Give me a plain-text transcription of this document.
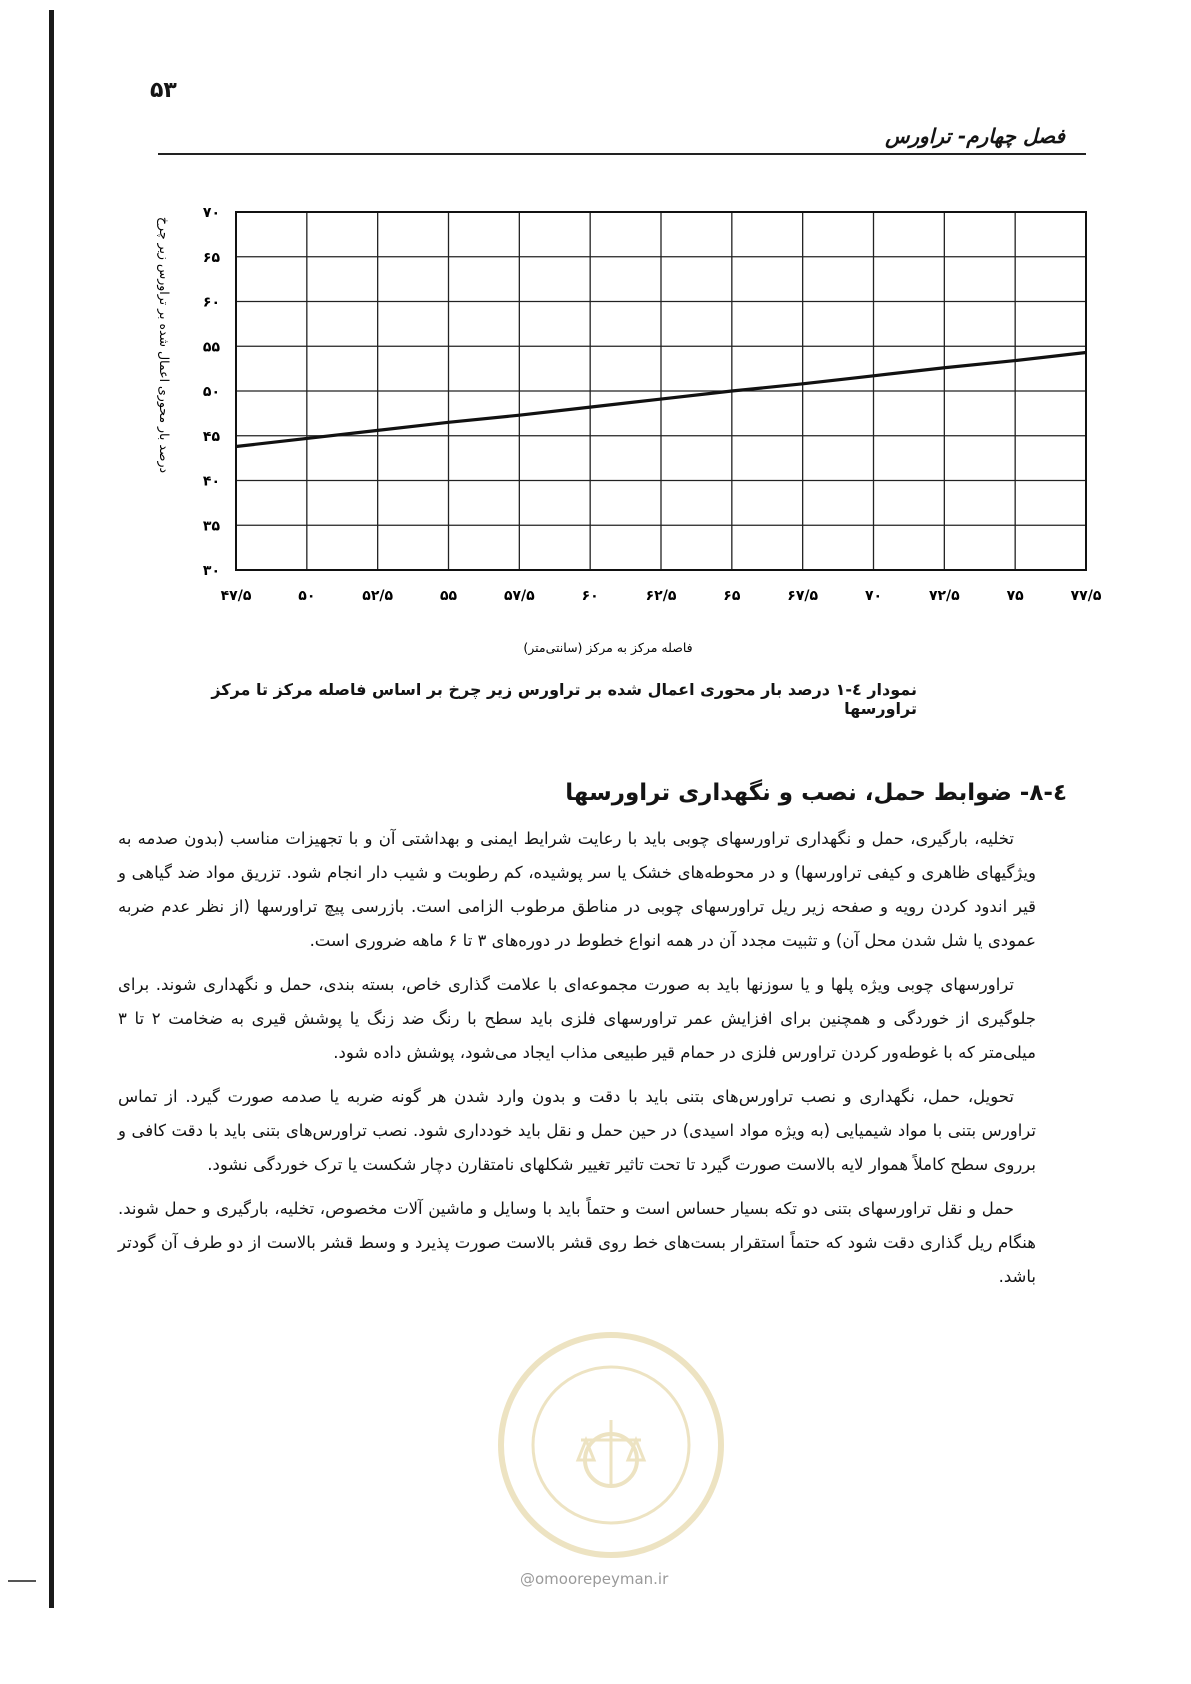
۵۳
فصل چهارم- تراورس
۳۰
۳۵
۴۰
۴۵
۵۰
۵۵
۶۰
۶۵
۷۰
۴۷/۵	۵۰	۵۲/۵	۵۵	۵۷/۵	۶۰	۶۲/۵	۶۵	۶۷/۵	۷۰	۷۲/۵	۷۵	۷۷/۵
فاصله مرکز به مرکز (سانتی‌متر)
درصد بار محوری اعمال شده بر تراورس زیر چرخ
نمودار ٤-۱ درصد بار محوری اعمال شده بر تراورس زیر چرخ بر اساس فاصله مرکز تا مرکز تراورسها
٤-۸- ضوابط حمل، نصب و نگهداری تراورسها

تخلیه، بارگیری، حمل و نگهداری تراورسهای چوبی باید با رعایت شرایط ایمنی و بهداشتی آن و با تجهیزات مناسب (بدون صدمه به ویژگیهای ظاهری و کیفی تراورسها) و در محوطه‌های خشک یا سر پوشیده، کم رطوبت و شیب دار انجام شود. تزریق مواد ضد گیاهی و قیر اندود کردن رویه و صفحه زیر ریل تراورسهای چوبی در مناطق مرطوب الزامی است. بازرسی پیچ تراورسها (از نظر عدم ضربه عمودی یا شل شدن محل آن) و تثبیت مجدد آن در همه انواع خطوط در دوره‌های ۳ تا ۶ ماهه ضروری است.

تراورسهای چوبی ویژه پلها و یا سوزنها باید به صورت مجموعه‌ای با علامت گذاری خاص، بسته بندی، حمل و نگهداری شوند. برای جلوگیری از خوردگی و همچنین برای افزایش عمر تراورسهای فلزی باید سطح با رنگ ضد زنگ یا پوشش قیری به ضخامت ۲ تا ۳ میلی‌متر که با غوطه‌ور کردن تراورس فلزی در حمام قیر طبیعی مذاب ایجاد می‌شود، پوشش داده شود.

تحویل، حمل، نگهداری و نصب تراورس‌های بتنی باید با دقت و بدون وارد شدن هر گونه ضربه یا صدمه صورت گیرد. از تماس تراورس بتنی با مواد شیمیایی (به ویژه مواد اسیدی) در حین حمل و نقل باید خودداری شود. نصب تراورس‌های بتنی باید با دقت کافی و برروی سطح کاملاً هموار لایه بالاست صورت گیرد تا تحت تاثیر تغییر شکلهای نامتقارن دچار شکست یا ترک خوردگی نشود.

حمل و نقل تراورسهای بتنی دو تکه بسیار حساس است و حتماً باید با وسایل و ماشین آلات مخصوص، تخلیه، بارگیری و حمل شوند. هنگام ریل گذاری دقت شود که حتماً استقرار بست‌های خط روی قشر بالاست صورت پذیرد و وسط قشر بالاست از دو طرف آن گودتر باشد.

@omoorepeyman.ir
